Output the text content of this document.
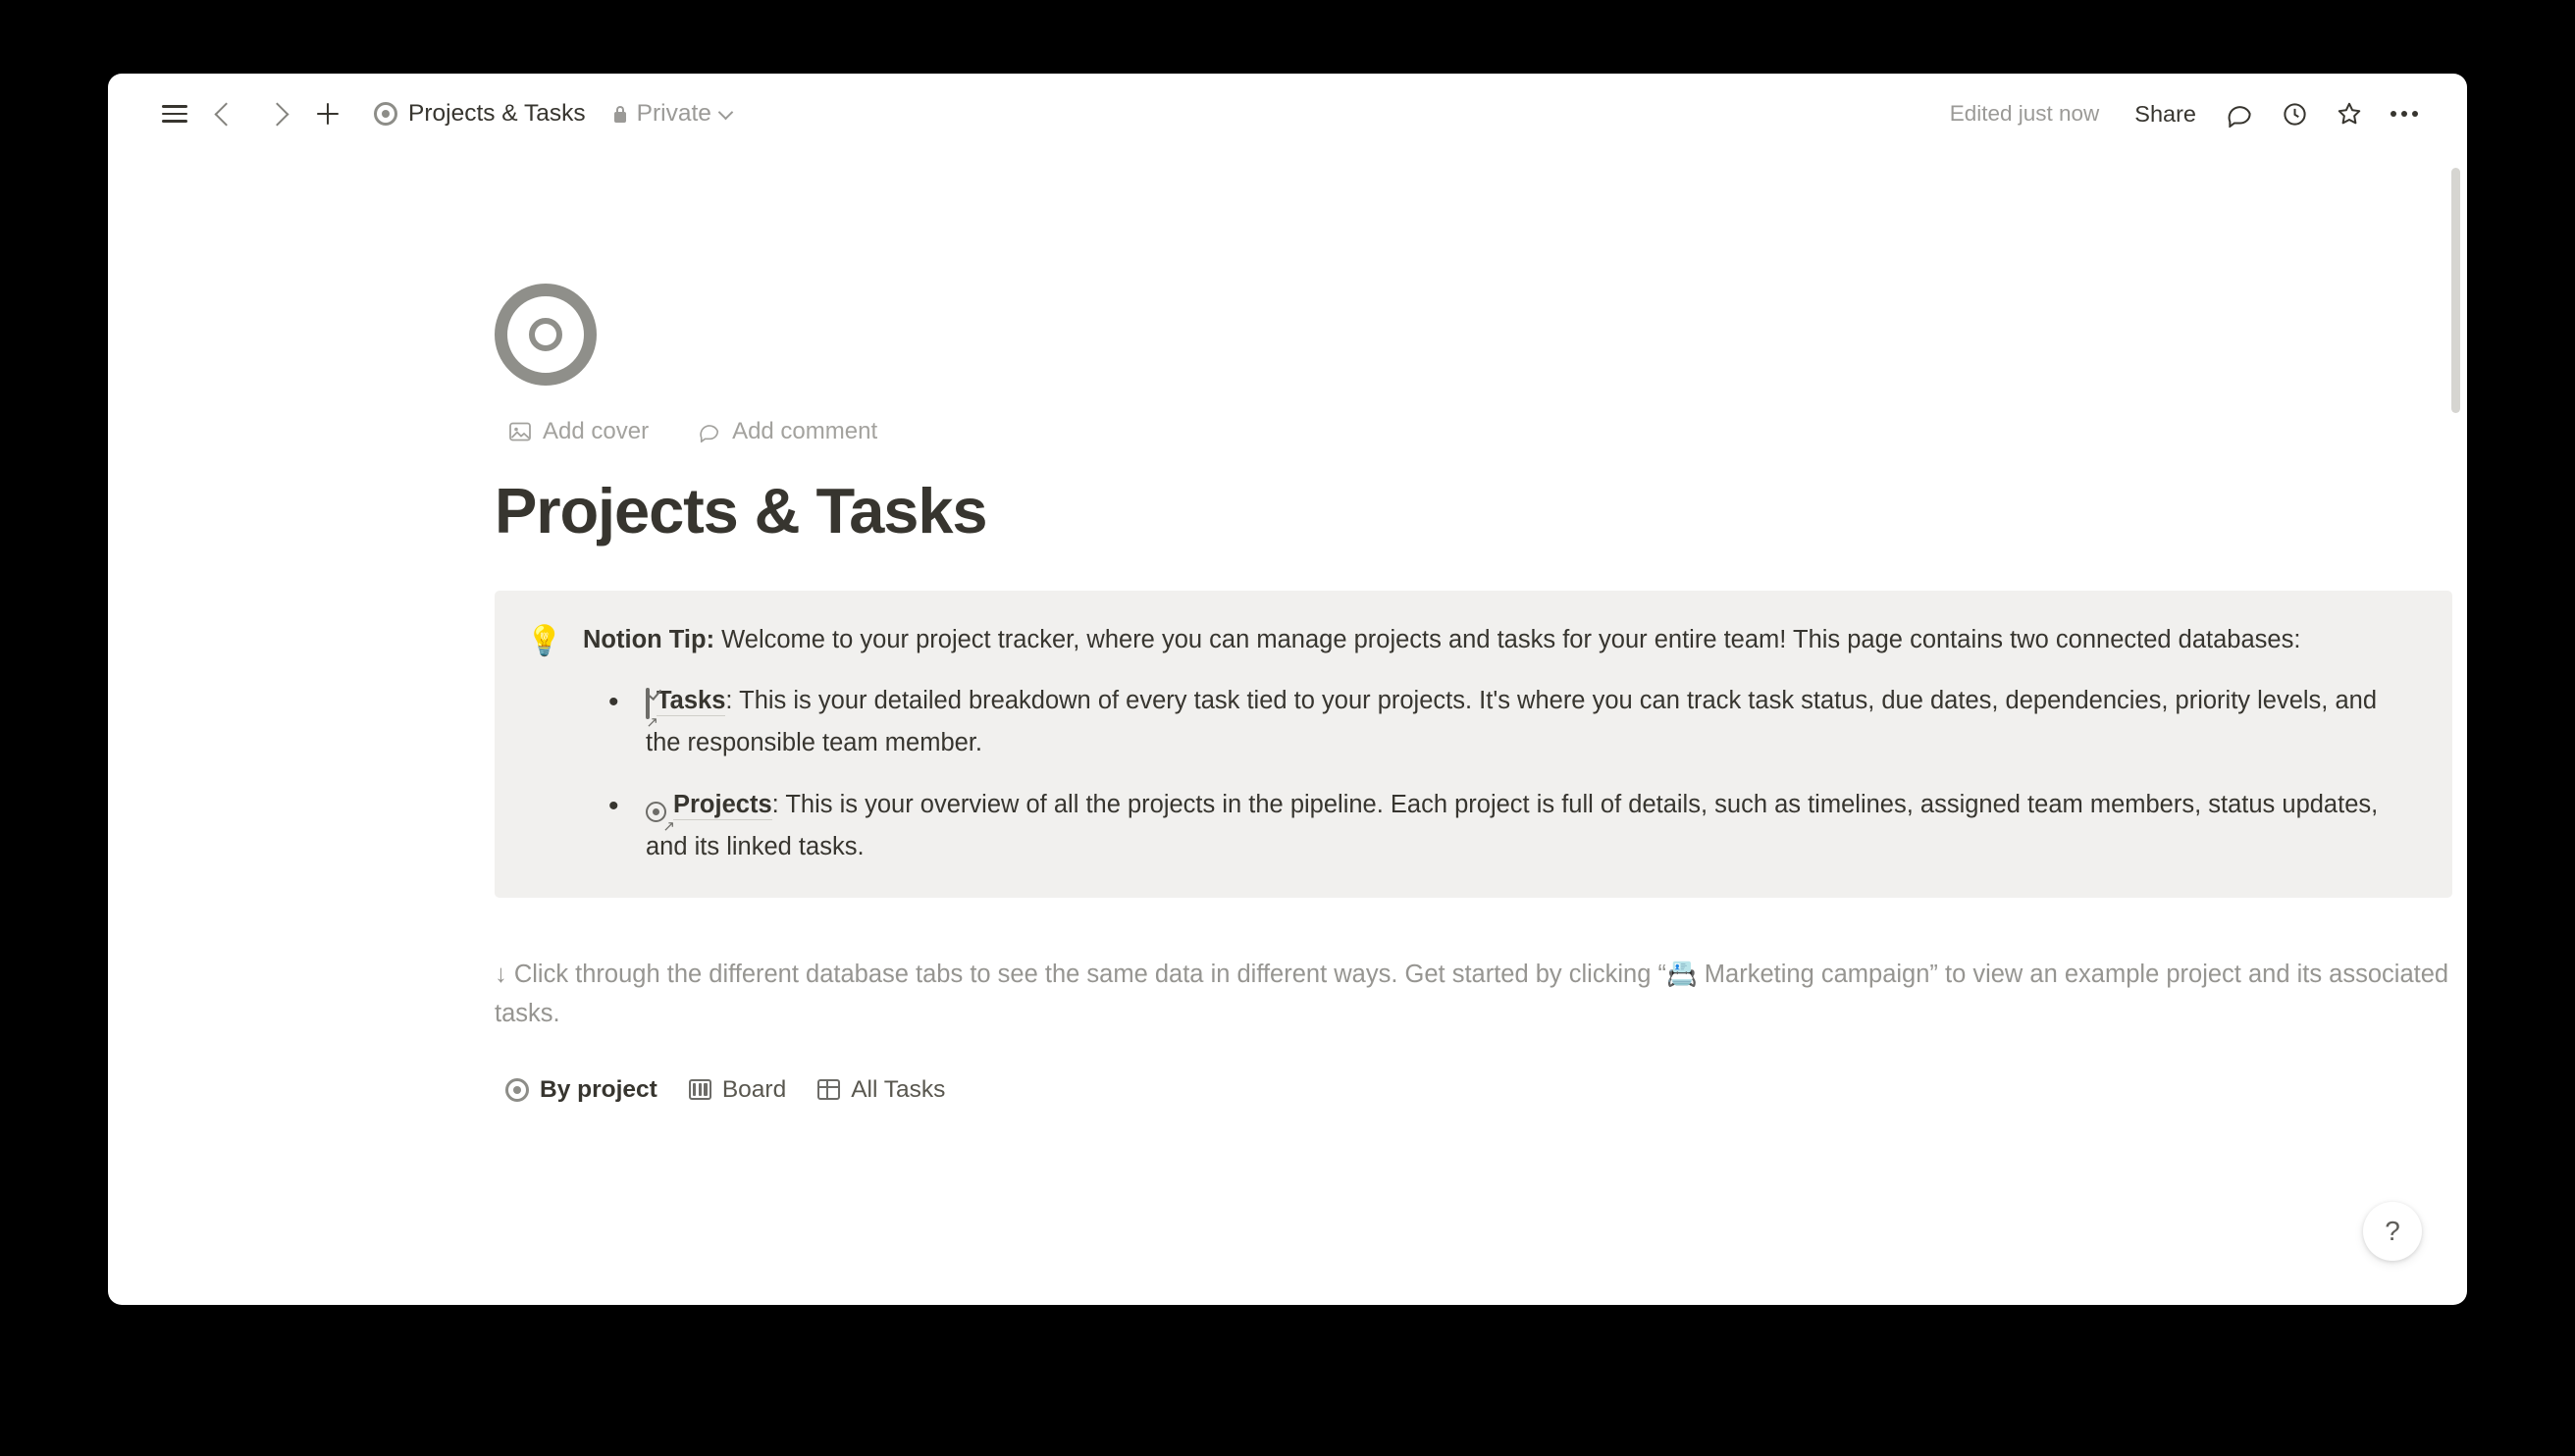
Projects & Tasks Private	Edited just now	Share
Add cover	Add comment
Projects & Tasks
💡 Notion Tip: Welcome to your project tracker, where you can manage projects and tasks for your entire team! This page contains two connected databases:
• ↗
Tasks: This is your detailed breakdown of every task tied to your projects. It's where you can track task status, due dates, dependencies, priority levels, and the responsible team member.
• ↗
Projects: This is your overview of all the projects in the pipeline. Each project is full of details, such as timelines, assigned team members, status updates, and its linked tasks.

↓ Click through the different database tabs to see the same data in different ways. Get started by clicking “📇 Marketing campaign” to view an example project and its associated tasks.

By project	Board	All Tasks
?
